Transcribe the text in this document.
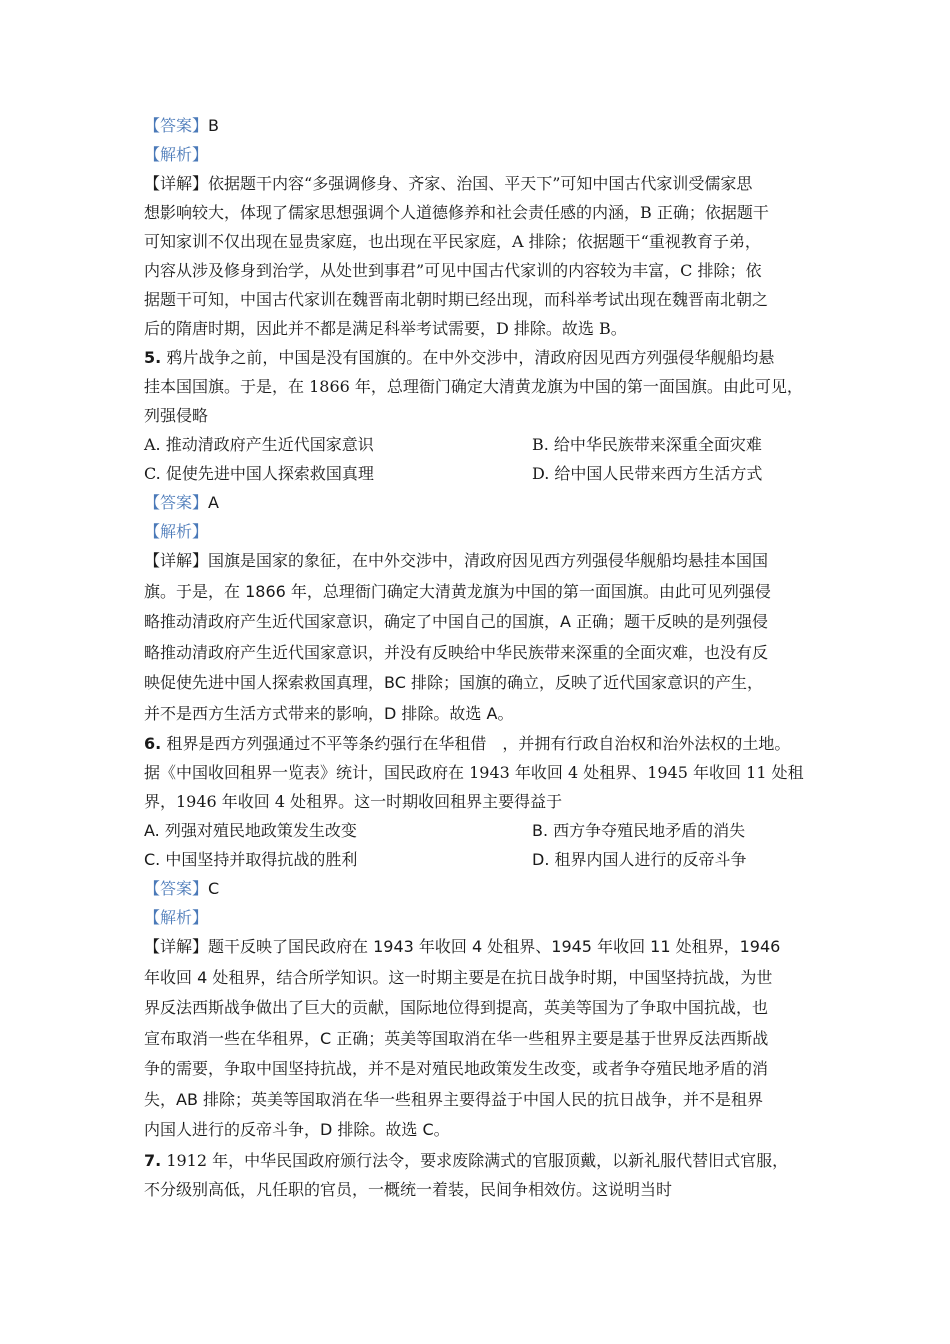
【答案】B
【解析】
【详解】依据题干内容“多强调修身、齐家、治国、平天下”可知中国古代家训受儒家思
想影响较大，体现了儒家思想强调个人道德修养和社会责任感的内涵，B 正确；依据题干
可知家训不仅出现在显贵家庭，也出现在平民家庭，A 排除；依据题干“重视教育子弟，
内容从涉及修身到治学，从处世到事君”可见中国古代家训的内容较为丰富，C 排除；依
据题干可知，中国古代家训在魏晋南北朝时期已经出现，而科举考试出现在魏晋南北朝之
后的隋唐时期，因此并不都是满足科举考试需要，D 排除。故选 B。
5. 鸦片战争之前，中国是没有国旗的。在中外交涉中，清政府因见西方列强侵华舰船均悬
挂本国国旗。于是，在 1866 年，总理衙门确定大清黄龙旗为中国的第一面国旗。由此可见，
列强侵略
A. 推动清政府产生近代国家意识	B. 给中华民族带来深重全面灾难
C. 促使先进中国人探索救国真理	D. 给中国人民带来西方生活方式
【答案】A
【解析】
【详解】国旗是国家的象征，在中外交涉中，清政府因见西方列强侵华舰船均悬挂本国国
旗。于是，在 1866 年，总理衙门确定大清黄龙旗为中国的第一面国旗。由此可见列强侵
略推动清政府产生近代国家意识，确定了中国自己的国旗，A 正确；题干反映的是列强侵
略推动清政府产生近代国家意识，并没有反映给中华民族带来深重的全面灾难，也没有反
映促使先进中国人探索救国真理，BC 排除；国旗的确立，反映了近代国家意识的产生，
并不是西方生活方式带来的影响，D 排除。故选 A。
6. 租界是西方列强通过不平等条约强行在华租借　，并拥有行政自治权和治外法权的土地。
据《中国收回租界一览表》统计，国民政府在 1943 年收回 4 处租界、1945 年收回 11 处租
界，1946 年收回 4 处租界。这一时期收回租界主要得益于
A. 列强对殖民地政策发生改变	B. 西方争夺殖民地矛盾的消失
C. 中国坚持并取得抗战的胜利	D. 租界内国人进行的反帝斗争
【答案】C
【解析】
【详解】题干反映了国民政府在 1943 年收回 4 处租界、1945 年收回 11 处租界，1946
年收回 4 处租界，结合所学知识。这一时期主要是在抗日战争时期，中国坚持抗战，为世
界反法西斯战争做出了巨大的贡献，国际地位得到提高，英美等国为了争取中国抗战，也
宣布取消一些在华租界，C 正确；英美等国取消在华一些租界主要是基于世界反法西斯战
争的需要，争取中国坚持抗战，并不是对殖民地政策发生改变，或者争夺殖民地矛盾的消
失，AB 排除；英美等国取消在华一些租界主要得益于中国人民的抗日战争，并不是租界
内国人进行的反帝斗争，D 排除。故选 C。
7. 1912 年，中华民国政府颁行法令，要求废除满式的官服顶戴，以新礼服代替旧式官服，
不分级别高低，凡任职的官员，一概统一着装，民间争相效仿。这说明当时
